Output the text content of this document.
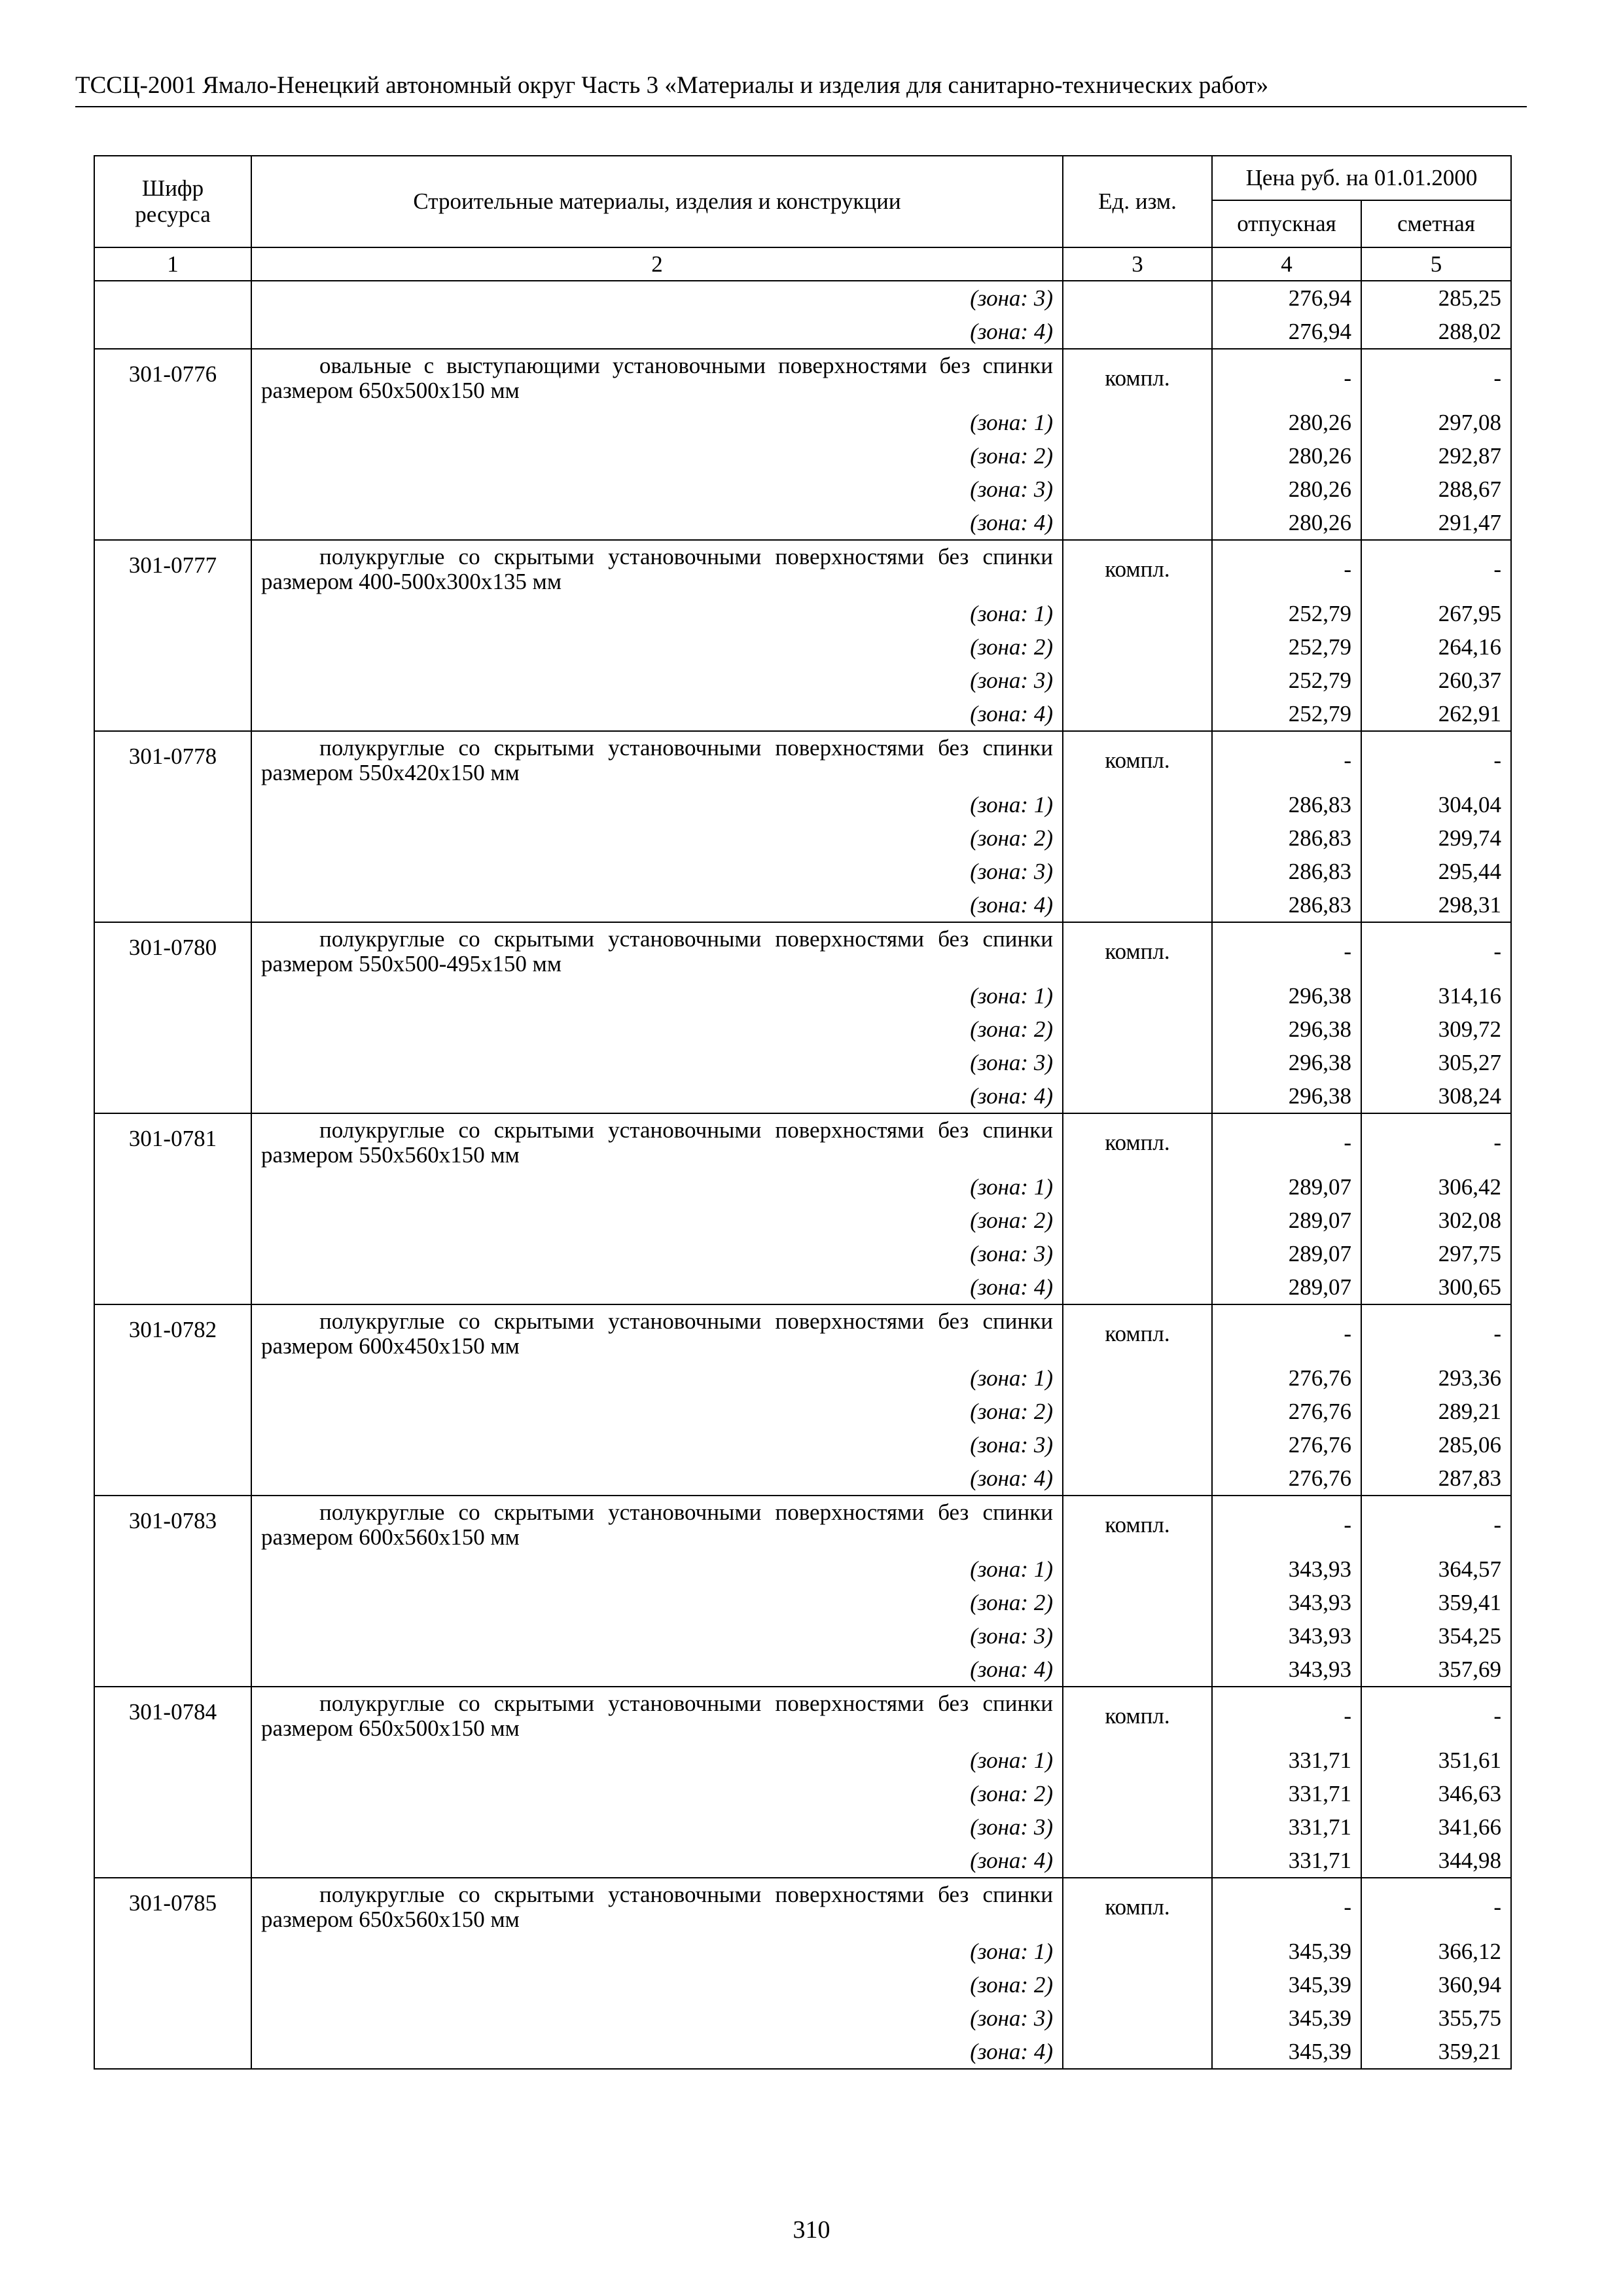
ТССЦ-2001 Ямало-Ненецкий автономный округ Часть 3 «Материалы и изделия для санитарно-технических работ»
Шифр ресурса	Строительные материалы, изделия и конструкции	Ед. изм.	Цена руб. на 01.01.2000	
			отпускная	сметная
1	2	3	4	5
	(зона: 3)		276,94	285,25
	(зона: 4)		276,94	288,02
301-0776	овальные с выступающими установочными поверхностями без спинки размером 650х500х150 мм	компл.	-	-
	(зона: 1)		280,26	297,08
	(зона: 2)		280,26	292,87
	(зона: 3)		280,26	288,67
	(зона: 4)		280,26	291,47
301-0777	полукруглые со скрытыми установочными поверхностями без спинки размером 400-500х300х135 мм	компл.	-	-
	(зона: 1)		252,79	267,95
	(зона: 2)		252,79	264,16
	(зона: 3)		252,79	260,37
	(зона: 4)		252,79	262,91
301-0778	полукруглые со скрытыми установочными поверхностями без спинки размером 550х420х150 мм	компл.	-	-
	(зона: 1)		286,83	304,04
	(зона: 2)		286,83	299,74
	(зона: 3)		286,83	295,44
	(зона: 4)		286,83	298,31
301-0780	полукруглые со скрытыми установочными поверхностями без спинки размером 550х500-495х150 мм	компл.	-	-
	(зона: 1)		296,38	314,16
	(зона: 2)		296,38	309,72
	(зона: 3)		296,38	305,27
	(зона: 4)		296,38	308,24
301-0781	полукруглые со скрытыми установочными поверхностями без спинки размером 550х560х150 мм	компл.	-	-
	(зона: 1)		289,07	306,42
	(зона: 2)		289,07	302,08
	(зона: 3)		289,07	297,75
	(зона: 4)		289,07	300,65
301-0782	полукруглые со скрытыми установочными поверхностями без спинки размером 600х450х150 мм	компл.	-	-
	(зона: 1)		276,76	293,36
	(зона: 2)		276,76	289,21
	(зона: 3)		276,76	285,06
	(зона: 4)		276,76	287,83
301-0783	полукруглые со скрытыми установочными поверхностями без спинки размером 600х560х150 мм	компл.	-	-
	(зона: 1)		343,93	364,57
	(зона: 2)		343,93	359,41
	(зона: 3)		343,93	354,25
	(зона: 4)		343,93	357,69
301-0784	полукруглые со скрытыми установочными поверхностями без спинки размером 650х500х150 мм	компл.	-	-
	(зона: 1)		331,71	351,61
	(зона: 2)		331,71	346,63
	(зона: 3)		331,71	341,66
	(зона: 4)		331,71	344,98
301-0785	полукруглые со скрытыми установочными поверхностями без спинки размером 650х560х150 мм	компл.	-	-
	(зона: 1)		345,39	366,12
	(зона: 2)		345,39	360,94
	(зона: 3)		345,39	355,75
	(зона: 4)		345,39	359,21
310
